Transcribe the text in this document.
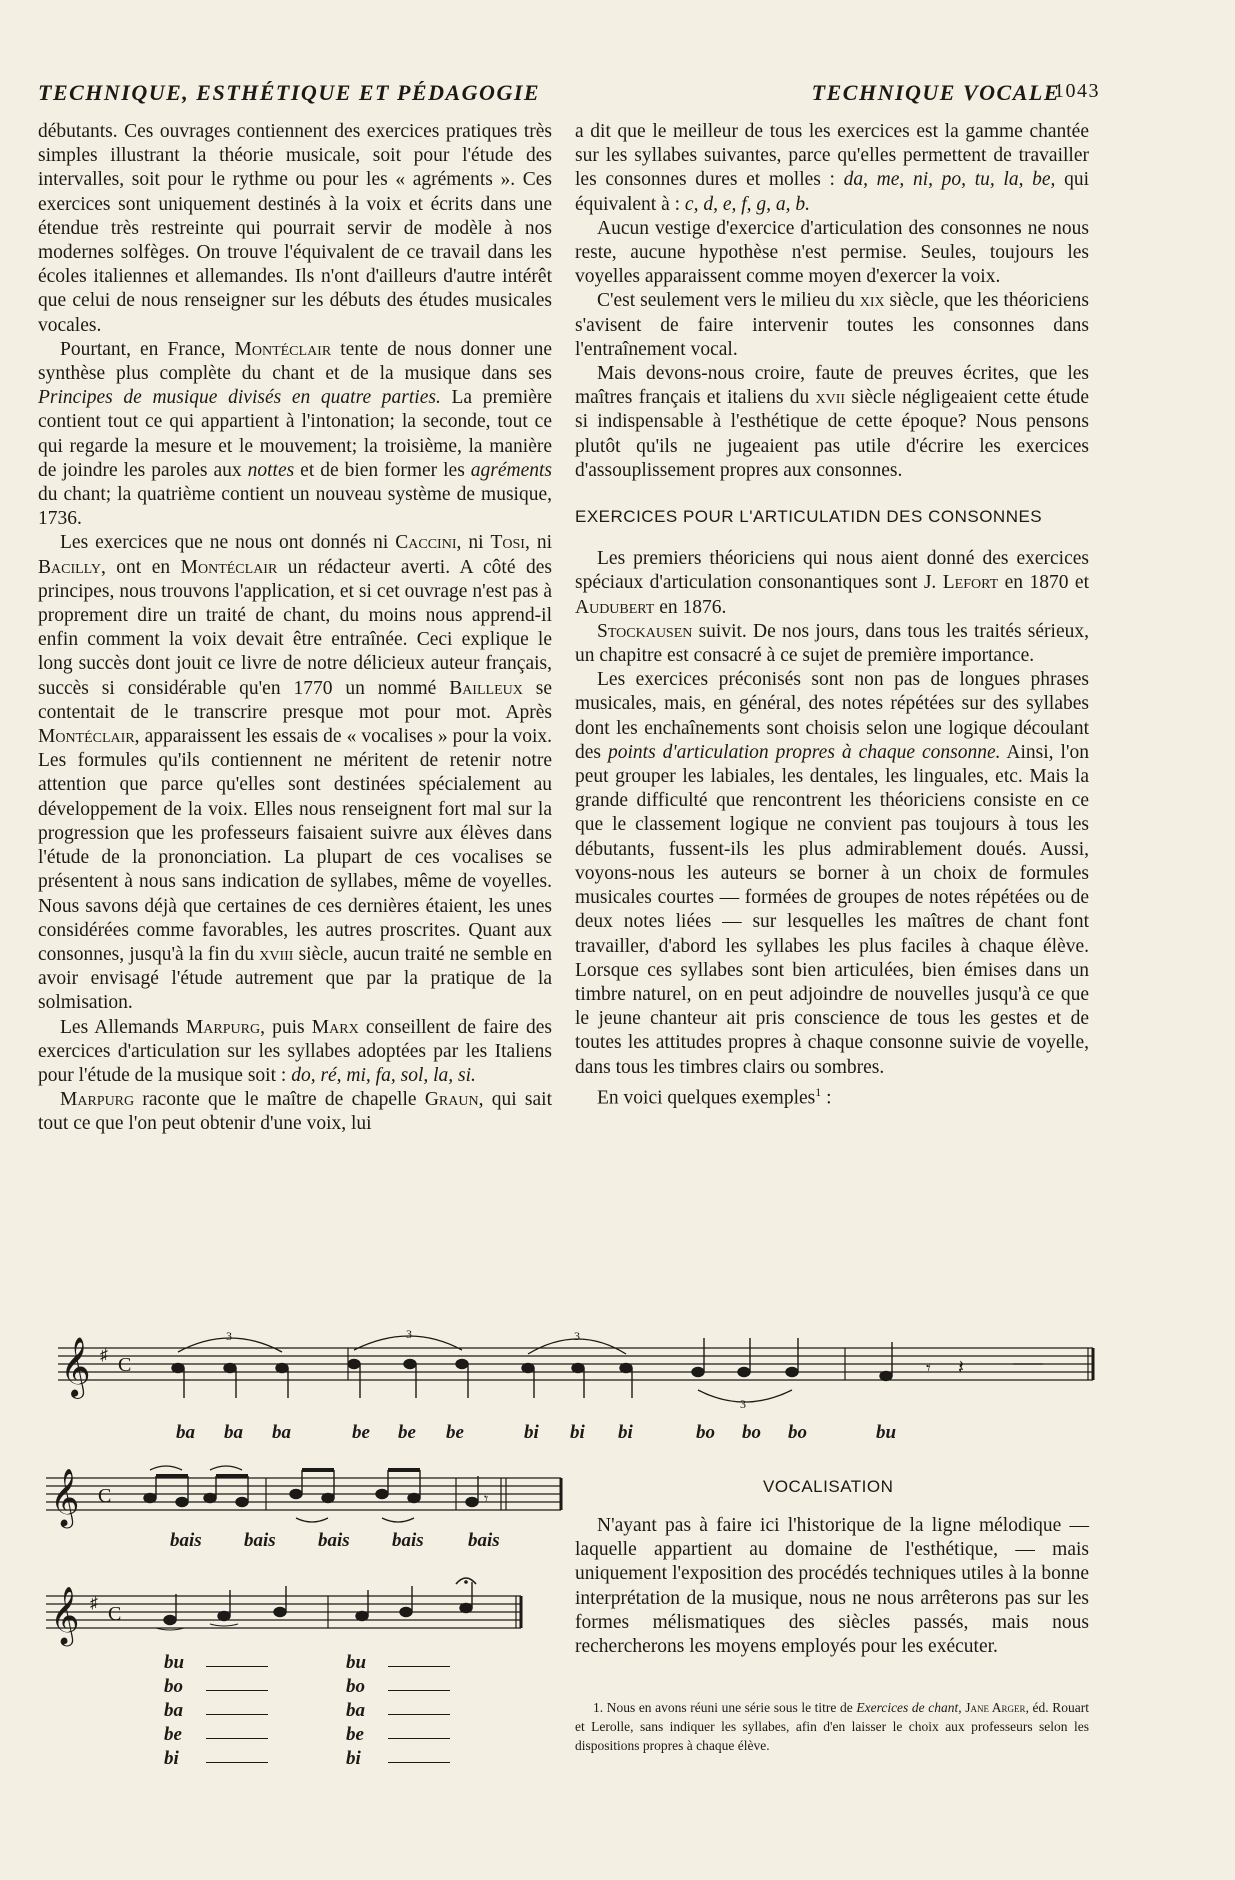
TECHNIQUE, ESTHÉTIQUE ET PÉDAGOGIE	TECHNIQUE VOCALE
1043

débutants. Ces ouvrages contiennent des exercices pratiques très simples illustrant la théorie musicale, soit pour l'étude des intervalles, soit pour le rythme ou pour les « agréments ». Ces exercices sont uniquement destinés à la voix et écrits dans une étendue très restreinte qui pourrait servir de modèle à nos modernes solfèges. On trouve l'équivalent de ce travail dans les écoles italiennes et allemandes. Ils n'ont d'ailleurs d'autre intérêt que celui de nous renseigner sur les débuts des études musicales vocales.

Pourtant, en France, Montéclair tente de nous donner une synthèse plus complète du chant et de la musique dans ses Principes de musique divisés en quatre parties. La première contient tout ce qui appartient à l'intonation; la seconde, tout ce qui regarde la mesure et le mouvement; la troisième, la manière de joindre les paroles aux nottes et de bien former les agréments du chant; la quatrième contient un nouveau système de musique, 1736.

Les exercices que ne nous ont donnés ni Caccini, ni Tosi, ni Bacilly, ont en Montéclair un rédacteur averti. A côté des principes, nous trouvons l'application, et si cet ouvrage n'est pas à proprement dire un traité de chant, du moins nous apprend-il enfin comment la voix devait être entraînée. Ceci explique le long succès dont jouit ce livre de notre délicieux auteur français, succès si considérable qu'en 1770 un nommé Bailleux se contentait de le transcrire presque mot pour mot. Après Montéclair, apparaissent les essais de « vocalises » pour la voix. Les formules qu'ils contiennent ne méritent de retenir notre attention que parce qu'elles sont destinées spécialement au développement de la voix. Elles nous renseignent fort mal sur la progression que les professeurs faisaient suivre aux élèves dans l'étude de la prononciation. La plupart de ces vocalises se présentent à nous sans indication de syllabes, même de voyelles. Nous savons déjà que certaines de ces dernières étaient, les unes considérées comme favorables, les autres proscrites. Quant aux consonnes, jusqu'à la fin du xviii siècle, aucun traité ne semble en avoir envisagé l'étude autrement que par la pratique de la solmisation.

Les Allemands Marpurg, puis Marx conseillent de faire des exercices d'articulation sur les syllabes adoptées par les Italiens pour l'étude de la musique soit : do, ré, mi, fa, sol, la, si.

Marpurg raconte que le maître de chapelle Graun, qui sait tout ce que l'on peut obtenir d'une voix, lui

a dit que le meilleur de tous les exercices est la gamme chantée sur les syllabes suivantes, parce qu'elles permettent de travailler les consonnes dures et molles : da, me, ni, po, tu, la, be, qui équivalent à : c, d, e, f, g, a, b.

Aucun vestige d'exercice d'articulation des consonnes ne nous reste, aucune hypothèse n'est permise. Seules, toujours les voyelles apparaissent comme moyen d'exercer la voix.

C'est seulement vers le milieu du xix siècle, que les théoriciens s'avisent de faire intervenir toutes les consonnes dans l'entraînement vocal.

Mais devons-nous croire, faute de preuves écrites, que les maîtres français et italiens du xvii siècle négligeaient cette étude si indispensable à l'esthétique de cette époque? Nous pensons plutôt qu'ils ne jugeaient pas utile d'écrire les exercices d'assouplissement propres aux consonnes.

EXERCICES POUR L'ARTICULATIDN DES CONSONNES

Les premiers théoriciens qui nous aient donné des exercices spéciaux d'articulation consonantiques sont J. Lefort en 1870 et Audubert en 1876.

Stockausen suivit. De nos jours, dans tous les traités sérieux, un chapitre est consacré à ce sujet de première importance.

Les exercices préconisés sont non pas de longues phrases musicales, mais, en général, des notes répétées sur des syllabes dont les enchaînements sont choisis selon une logique découlant des points d'articulation propres à chaque consonne. Ainsi, l'on peut grouper les labiales, les dentales, les linguales, etc. Mais la grande difficulté que rencontrent les théoriciens consiste en ce que le classement logique ne convient pas toujours à tous les débutants, fussent-ils les plus admirablement doués. Aussi, voyons-nous les auteurs se borner à un choix de formules musicales courtes — formées de groupes de notes répétées ou de deux notes liées — sur lesquelles les maîtres de chant font travailler, d'abord les syllabes les plus faciles à chaque élève. Lorsque ces syllabes sont bien articulées, bien émises dans un timbre naturel, on en peut adjoindre de nouvelles jusqu'à ce que le jeune chanteur ait pris conscience de tous les gestes et de toutes les attitudes propres à chaque consonne suivie de voyelle, dans tous les timbres clairs ou sombres.

En voici quelques exemples$^1$ :

𝄞 ♯ C
3	3	3
3
𝄾 𝄽
ba ba ba	be be be	bi bi bi	bo bo bo	bu
𝄞 C	𝄾
bais bais bais bais bais
𝄞 ♯ C
bu
bo
ba
be
bi
bu
bo
ba
be
bi
VOCALISATION

N'ayant pas à faire ici l'historique de la ligne mélodique — laquelle appartient au domaine de l'esthétique, — mais uniquement l'exposition des procédés techniques utiles à la bonne interprétation de la musique, nous ne nous arrêterons pas sur les formes mélismatiques des siècles passés, mais nous rechercherons les moyens employés pour les exécuter.

1. Nous en avons réuni une série sous le titre de Exercices de chant, Jane Arger, éd. Rouart et Lerolle, sans indiquer les syllabes, afin d'en laisser le choix aux professeurs selon les dispositions propres à chaque élève.
